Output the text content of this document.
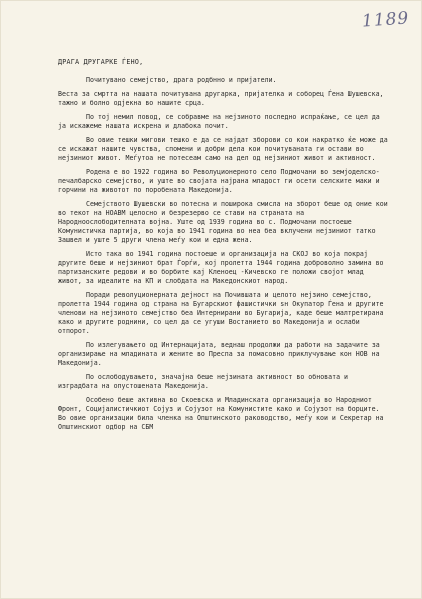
1189
ДРАГА ДРУГАРКЕ ЃЕНО,

Почитувано семејство, драга родбнно и пријатели.

Веста за смртта на нашата почитувана другарка, пријателка и соборец Ѓена Шушевска, тажно и болно одјекна во нашите срца.

По тој немил повод, се собравме на нејзиното последно испраќање, се цел да ја искажеме нашата искрена и длабока почит.

Во овие тешки мигови тешко е да се најдат зборови со кои накратко ќе може да се искажат нашите чувства, спомени и добри дела кои почитуваната ги остави во нејзиниот живот. Меѓутоа не потесеам само на дел од нејзиниот живот и активност.

Родена е во 1922 година во Револуционерното село Подмочани во земјоделско-печалбарско семејство, и уште во својата најрана младост ги осети селските маки и горчини на животот по поробената Македонија.

Семејството Шушевски во потесна и поширока смисла на зборот беше од оние кои во текот на НОАВМ целосно и безрезерво се стави на страната на Народноослободителната војна. Уште од 1939 година во с. Подмочани постоеше Комунистичка партија, во која во 1941 година во неа беа вклучени нејзиниот татко Зашвел и уште 5 други члена меѓу кои и една жена.

Исто така во 1941 година постоеше и организација на СКОЈ во која покрај другите беше и нејзиниот брат Ѓорѓи, кој пролетта 1944 година доброволно замина во партизанските редови и во борбите кај Кленоец -Кичевско ге положи својот млад живот, за идеалите на КП и слобдата на Македонскиот народ.

Поради револуционерната дејност на Почившата и целото нејзино семејство, пролетта 1944 година од страна на Бугарскиот фашистички ѕн Окупатор Ѓена и другите членови на нејзиното семејство беа Интернирани во Бугарија, каде беше малтретирана како и другите роднини, со цел да се угуши Востанието во Македонија и ослаби отпорот.

По излегувањето од Интернацијата, веднаш продолжи да работи на задачите за организирање на младината и жените во Преспа за помасовно приклучување кон НОВ на Македонија.

По ослободувањето, значајна беше нејзината активност во обновата и изградбата на опустошената Македонија.

Особено беше активна во Скоевска и Младинската организација во Народниот Фронт, Социјалистичкиот Сојуз и Сојузот на Комунистите како и Сојузот на борците. Во овие организации била членка на Општинското раководство, меѓу кои и Секретар на Општинскиот одбор на СБМ
